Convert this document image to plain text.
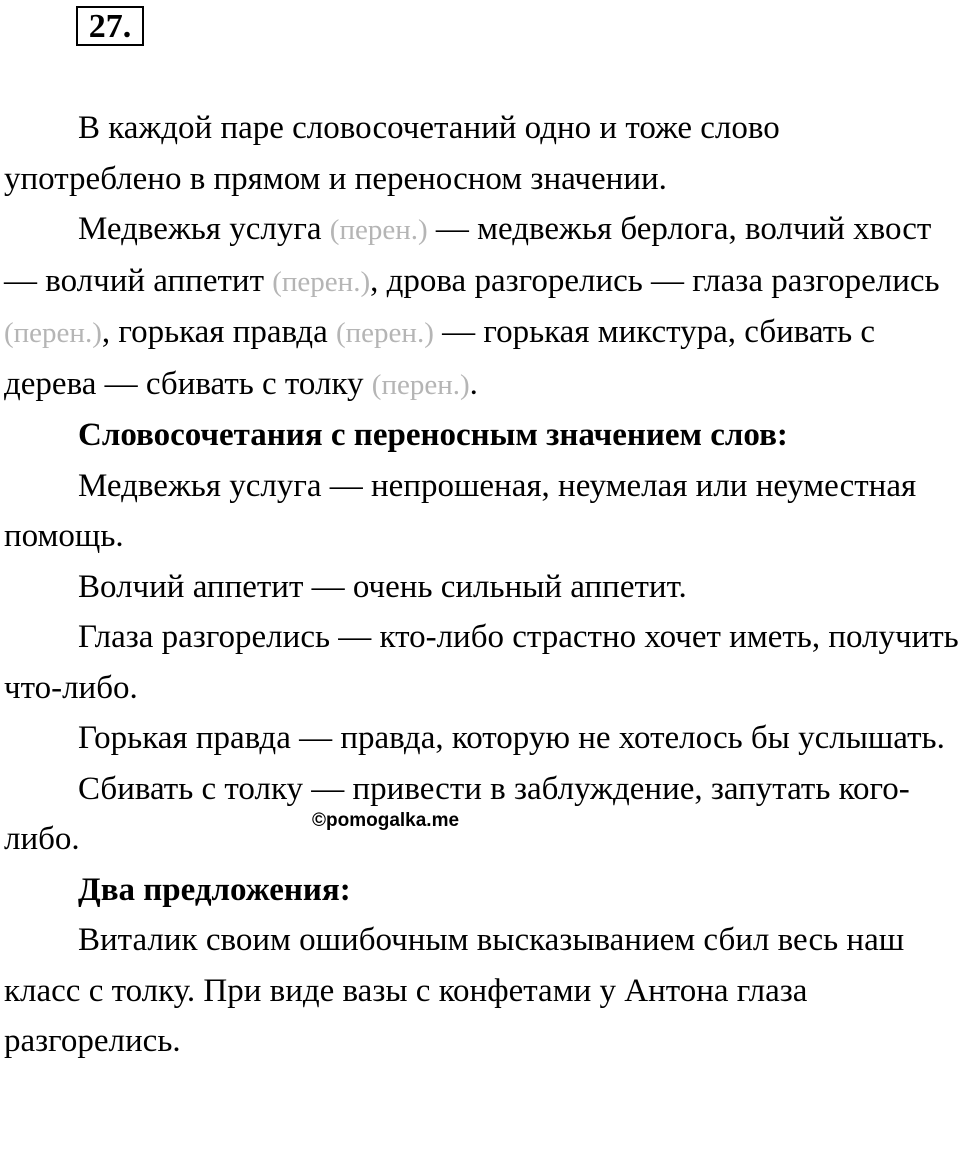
27.

В каждой паре словосочетаний одно и тоже слово употреблено в прямом и переносном значении.

Медвежья услуга (перен.) — медвежья берлога, волчий хвост — волчий аппетит (перен.), дрова разгорелись — глаза разгорелись (перен.), горькая правда (перен.) — горькая микстура, сбивать с дерева — сбивать с толку (перен.).

Словосочетания с переносным значением слов:

Медвежья услуга — непрошеная, неумелая или неуместная помощь.

Волчий аппетит — очень сильный аппетит.

Глаза разгорелись — кто-либо страстно хочет иметь, получить что-либо.

Горькая правда — правда, которую не хотелось бы услышать.

Сбивать с толку — привести в заблуждение, запутать кого-либо.

Два предложения:

Виталик своим ошибочным высказыванием сбил весь наш класс с толку. При виде вазы с конфетами у Антона глаза разгорелись.

©pomogalka.me
